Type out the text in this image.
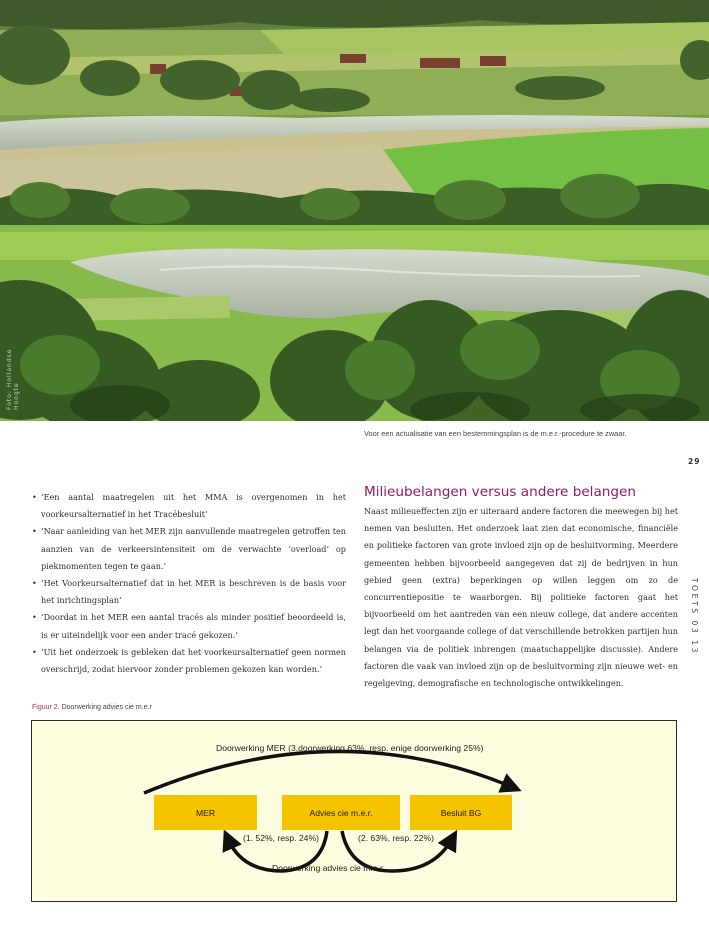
Foto: Hollandse Hoogte
Voor een actualisatie van een bestemmingsplan is de m.e.r.-procedure te zwaar.
29
TOETS 03 13
• ‘Een aantal maatregelen uit het MMA is overgenomen in het voorkeursalternatief in het Tracébesluit’
• ‘Naar aanleiding van het MER zijn aanvullende maatregelen getroffen ten aanzien van de verkeersintensiteit om de verwachte ‘overload’ op piekmomenten tegen te gaan.’
• ‘Het Voorkeursalternatief dat in het MER is beschreven is de basis voor het inrichtingsplan’
• ‘Doordat in het MER een aantal tracés als minder positief beoordeeld is, is er uiteindelijk voor een ander tracé gekozen.’
• ‘Uit het onderzoek is gebleken dat het voorkeursalternatief geen normen overschrijd, zodat hiervoor zonder problemen gekozen kan worden.’
Milieubelangen versus andere belangen
Naast milieueffecten zijn er uiteraard andere factoren die meewegen bij het nemen van besluiten. Het onderzoek laat zien dat economische, financiële en politieke factoren van grote invloed zijn op de besluitvorming. Meerdere gemeenten hebben bijvoorbeeld aangegeven dat zij de bedrijven in hun gebied geen (extra) beperkingen op willen leggen om zo de concurrentiepositie te waarborgen. Bij politieke factoren gaat het bijvoorbeeld om het aantreden van een nieuw college, dat andere accenten legt dan het voorgaande college of dat verschillende betrokken partijen hun belangen via de politiek inbrengen (maatschappelijke discussie). Andere factoren die vaak van invloed zijn op de besluitvorming zijn nieuwe wet- en regelgeving, demografische en technologische ontwikkelingen.
Figuur 2. Doorwerking advies cie m.e.r
Doorwerking MER (3.doorwerking 63%, resp. enige doorwerking 25%)
MER	Advies cie m.e.r.	Besluit BG
(1. 52%, resp. 24%)	(2. 63%, resp. 22%)
Doorwerking advies cie m.e.r.
